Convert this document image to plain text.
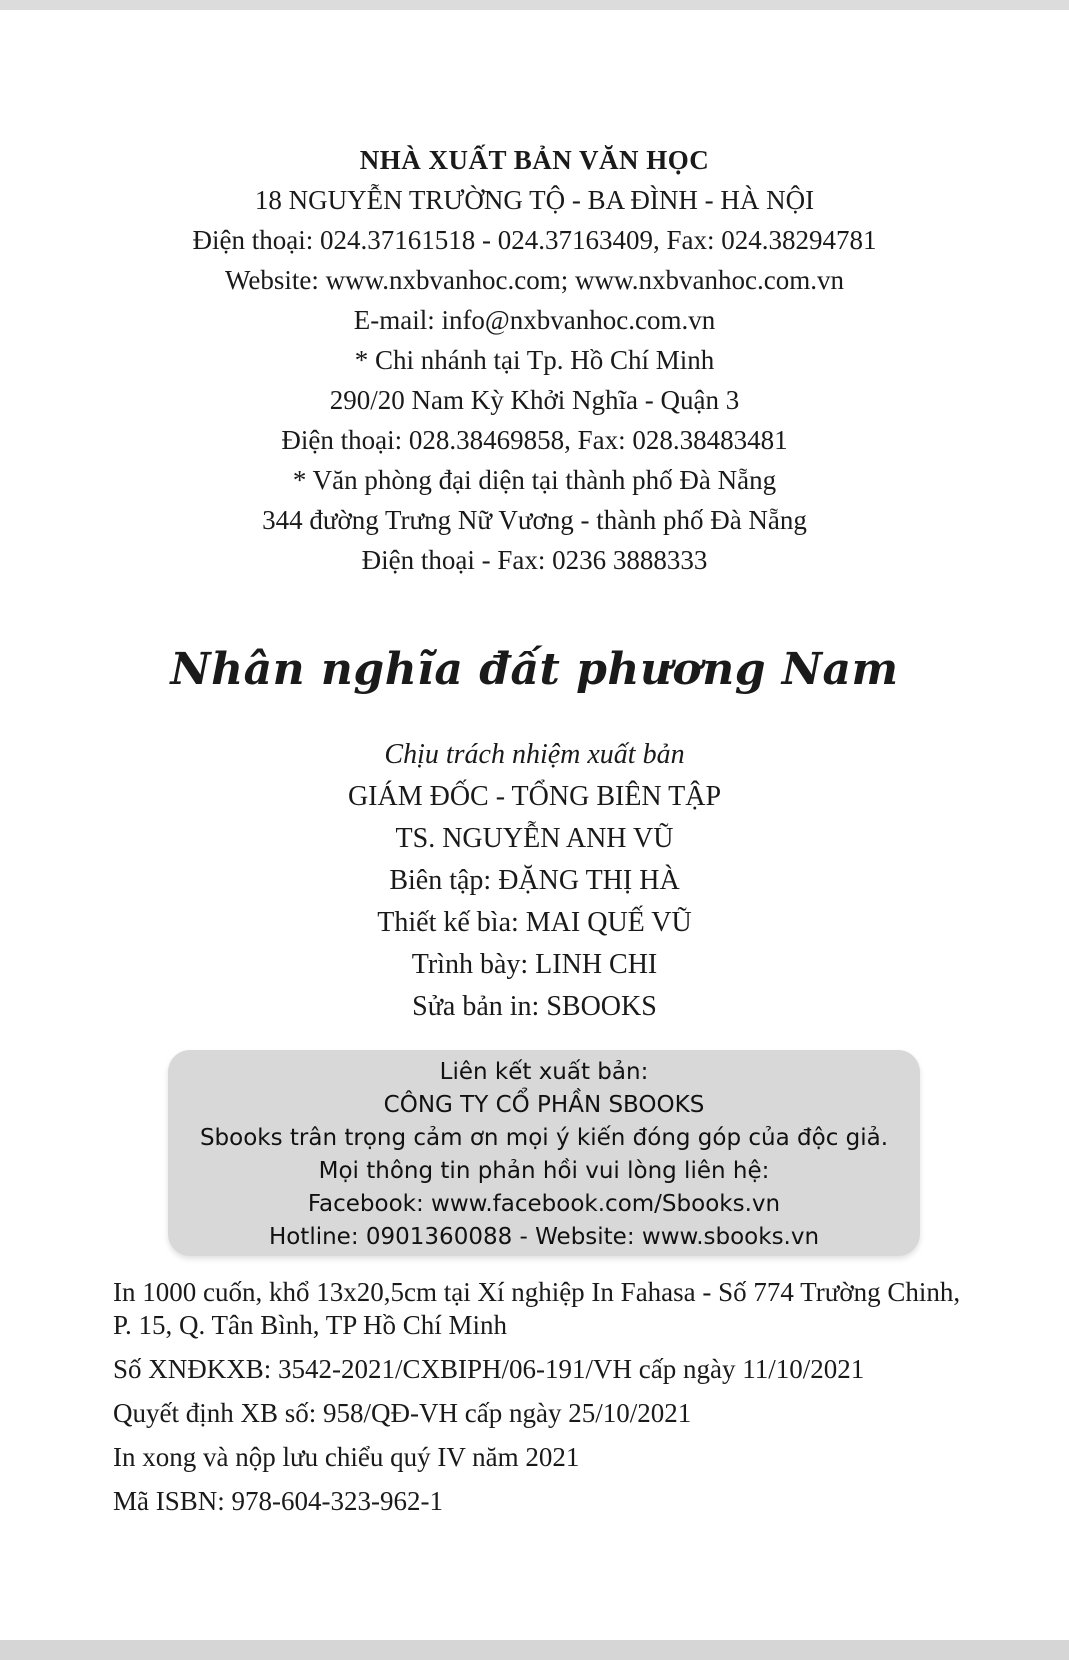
NHÀ XUẤT BẢN VĂN HỌC
18 NGUYỄN TRƯỜNG TỘ - BA ĐÌNH - HÀ NỘI
Điện thoại: 024.37161518 - 024.37163409, Fax: 024.38294781
Website: www.nxbvanhoc.com; www.nxbvanhoc.com.vn
E-mail: info@nxbvanhoc.com.vn
* Chi nhánh tại Tp. Hồ Chí Minh
290/20 Nam Kỳ Khởi Nghĩa - Quận 3
Điện thoại: 028.38469858, Fax: 028.38483481
* Văn phòng đại diện tại thành phố Đà Nẵng
344 đường Trưng Nữ Vương - thành phố Đà Nẵng
Điện thoại - Fax: 0236 3888333
Nhân nghĩa đất phương Nam
Chịu trách nhiệm xuất bản
GIÁM ĐỐC - TỔNG BIÊN TẬP
TS. NGUYỄN ANH VŨ
Biên tập: ĐẶNG THỊ HÀ
Thiết kế bìa: MAI QUẾ VŨ
Trình bày: LINH CHI
Sửa bản in: SBOOKS
Liên kết xuất bản:
CÔNG TY CỔ PHẦN SBOOKS
Sbooks trân trọng cảm ơn mọi ý kiến đóng góp của độc giả.
Mọi thông tin phản hồi vui lòng liên hệ:
Facebook: www.facebook.com/Sbooks.vn
Hotline: 0901360088 - Website: www.sbooks.vn
In 1000 cuốn, khổ 13x20,5cm tại Xí nghiệp In Fahasa - Số 774 Trường Chinh, P. 15, Q. Tân Bình, TP Hồ Chí Minh
Số XNĐKXB: 3542-2021/CXBIPH/06-191/VH cấp ngày 11/10/2021
Quyết định XB số: 958/QĐ-VH cấp ngày 25/10/2021
In xong và nộp lưu chiểu quý IV năm 2021
Mã ISBN: 978-604-323-962-1
